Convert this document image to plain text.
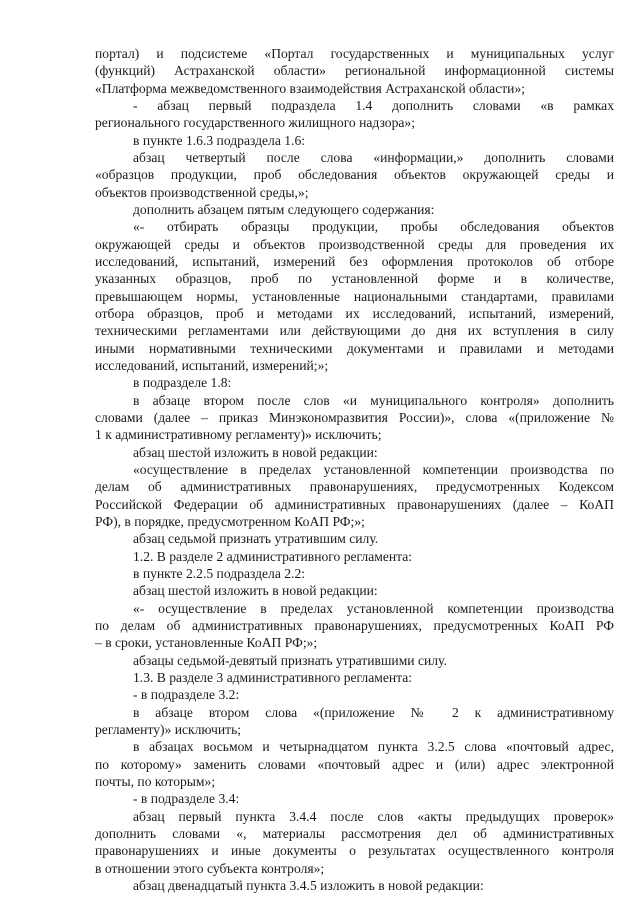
портал) и подсистеме «Портал государственных и муниципальных услуг
(функций) Астраханской области» региональной информационной системы
«Платформа межведомственного взаимодействия Астраханской области»;
- абзац первый подраздела 1.4 дополнить словами «в рамках
регионального государственного жилищного надзора»;
в пункте 1.6.3 подраздела 1.6:
абзац четвертый после слова «информации,» дополнить словами
«образцов продукции, проб обследования объектов окружающей среды и
объектов производственной среды,»;
дополнить абзацем пятым следующего содержания:
«- отбирать образцы продукции, пробы обследования объектов
окружающей среды и объектов производственной среды для проведения их
исследований, испытаний, измерений без оформления протоколов об отборе
указанных образцов, проб по установленной форме и в количестве,
превышающем нормы, установленные национальными стандартами, правилами
отбора образцов, проб и методами их исследований, испытаний, измерений,
техническими регламентами или действующими до дня их вступления в силу
иными нормативными техническими документами и правилами и методами
исследований, испытаний, измерений;»;
в подразделе 1.8:
в абзаце втором после слов «и муниципального контроля» дополнить
словами (далее – приказ Минэкономразвития России)», слова «(приложение №
1 к административному регламенту)» исключить;
абзац шестой изложить в новой редакции:
«осуществление в пределах установленной компетенции производства по
делам об административных правонарушениях, предусмотренных Кодексом
Российской Федерации об административных правонарушениях (далее – КоАП
РФ), в порядке, предусмотренном КоАП РФ;»;
абзац седьмой признать утратившим силу.
1.2. В разделе 2 административного регламента:
в пункте 2.2.5 подраздела 2.2:
абзац шестой изложить в новой редакции:
«- осуществление в пределах установленной компетенции производства
по делам об административных правонарушениях, предусмотренных КоАП РФ
– в сроки, установленные КоАП РФ;»;
абзацы седьмой-девятый признать утратившими силу.
1.3. В разделе 3 административного регламента:
- в подразделе 3.2:
в абзаце втором слова «(приложение № 2 к административному
регламенту)» исключить;
в абзацах восьмом и четырнадцатом пункта 3.2.5 слова «почтовый адрес,
по которому» заменить словами «почтовый адрес и (или) адрес электронной
почты, по которым»;
- в подразделе 3.4:
абзац первый пункта 3.4.4 после слов «акты предыдущих проверок»
дополнить словами «, материалы рассмотрения дел об административных
правонарушениях и иные документы о результатах осуществленного контроля
в отношении этого субъекта контроля»;
абзац двенадцатый пункта 3.4.5 изложить в новой редакции:
